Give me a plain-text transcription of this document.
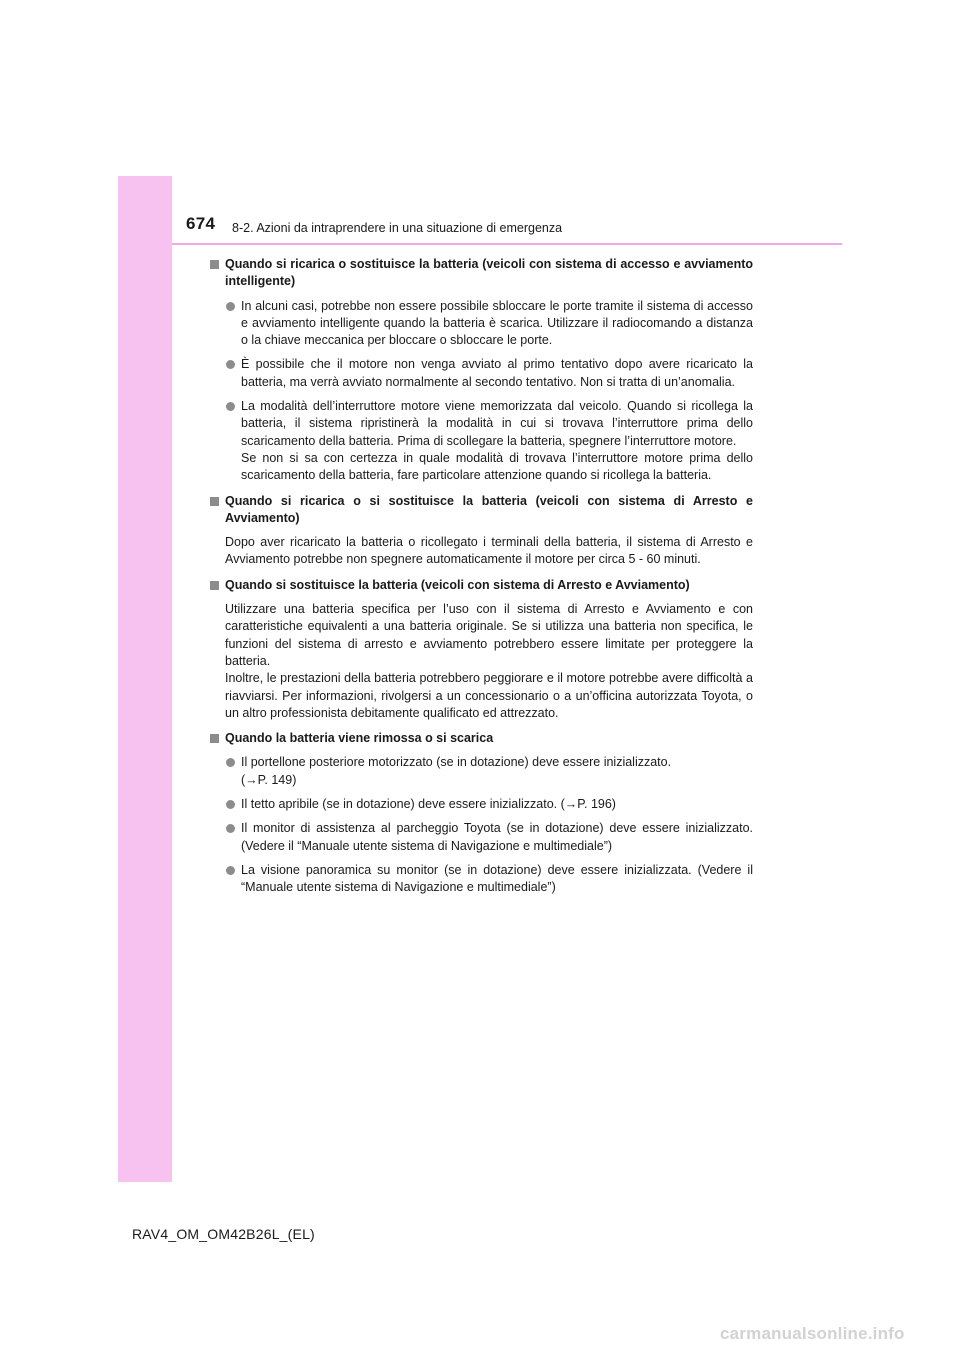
674 8-2. Azioni da intraprendere in una situazione di emergenza
Quando si ricarica o sostituisce la batteria (veicoli con sistema di accesso e avviamento intelligente)

In alcuni casi, potrebbe non essere possibile sbloccare le porte tramite il sistema di accesso e avviamento intelligente quando la batteria è scarica. Utilizzare il radiocomando a distanza o la chiave meccanica per bloccare o sbloccare le porte.

È possibile che il motore non venga avviato al primo tentativo dopo avere ricaricato la batteria, ma verrà avviato normalmente al secondo tentativo. Non si tratta di un’anomalia.

La modalità dell’interruttore motore viene memorizzata dal veicolo. Quando si ricollega la batteria, il sistema ripristinerà la modalità in cui si trovava l’interruttore prima dello scaricamento della batteria. Prima di scollegare la batteria, spegnere l’interruttore motore.

Se non si sa con certezza in quale modalità di trovava l’interruttore motore prima dello scaricamento della batteria, fare particolare attenzione quando si ricollega la batteria.

Quando si ricarica o si sostituisce la batteria (veicoli con sistema di Arresto e Avviamento)

Dopo aver ricaricato la batteria o ricollegato i terminali della batteria, il sistema di Arresto e Avviamento potrebbe non spegnere automaticamente il motore per circa 5 - 60 minuti.

Quando si sostituisce la batteria (veicoli con sistema di Arresto e Avviamento)

Utilizzare una batteria specifica per l’uso con il sistema di Arresto e Avviamento e con caratteristiche equivalenti a una batteria originale. Se si utilizza una batteria non specifica, le funzioni del sistema di arresto e avviamento potrebbero essere limitate per proteggere la batteria.

Inoltre, le prestazioni della batteria potrebbero peggiorare e il motore potrebbe avere difficoltà a riavviarsi. Per informazioni, rivolgersi a un concessionario o a un’officina autorizzata Toyota, o un altro professionista debitamente qualificato ed attrezzato.

Quando la batteria viene rimossa o si scarica

Il portellone posteriore motorizzato (se in dotazione) deve essere inizializzato.

(→P. 149)

Il tetto apribile (se in dotazione) deve essere inizializzato. (→P. 196)

Il monitor di assistenza al parcheggio Toyota (se in dotazione) deve essere inizializzato. (Vedere il “Manuale utente sistema di Navigazione e multimediale”)

La visione panoramica su monitor (se in dotazione) deve essere inizializzata. (Vedere il “Manuale utente sistema di Navigazione e multimediale”)

RAV4_OM_OM42B26L_(EL)
carmanualsonline.info
